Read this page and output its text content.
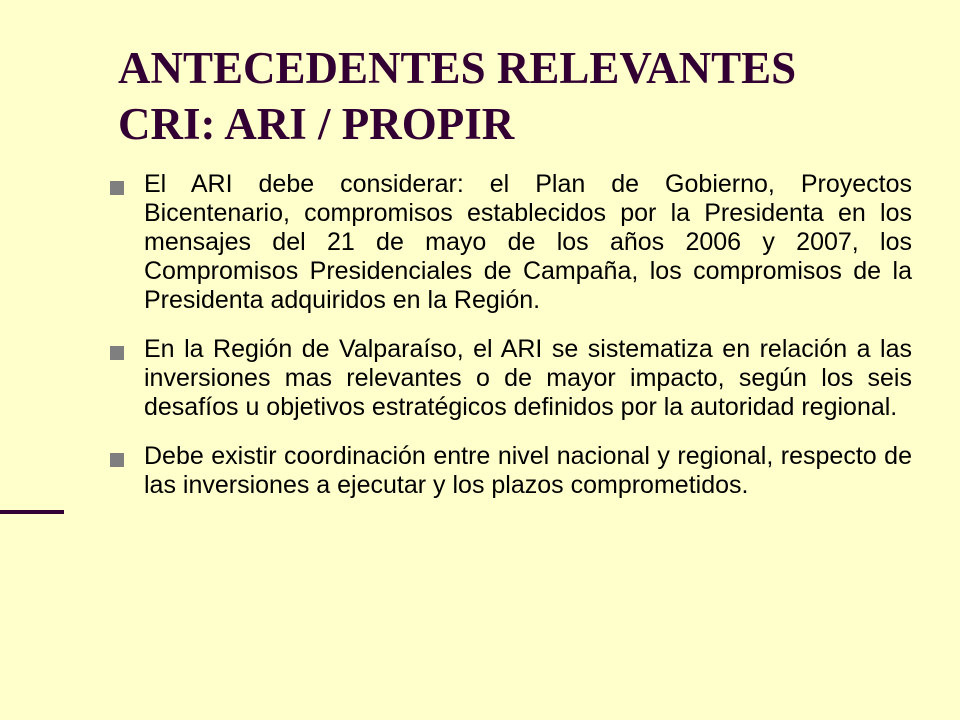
ANTECEDENTES RELEVANTES
CRI: ARI / PROPIR
El ARI debe considerar: el Plan de Gobierno, Proyectos Bicentenario, compromisos establecidos por la Presidenta en los mensajes del 21 de mayo de los años 2006 y 2007, los Compromisos Presidenciales de Campaña, los compromisos de la Presidenta adquiridos en la Región.
En la Región de Valparaíso, el ARI se sistematiza en relación a las inversiones mas relevantes o de mayor impacto, según los seis desafíos u objetivos estratégicos definidos por la autoridad regional.
Debe existir coordinación entre nivel nacional y regional, respecto de las inversiones a ejecutar y los plazos comprometidos.
